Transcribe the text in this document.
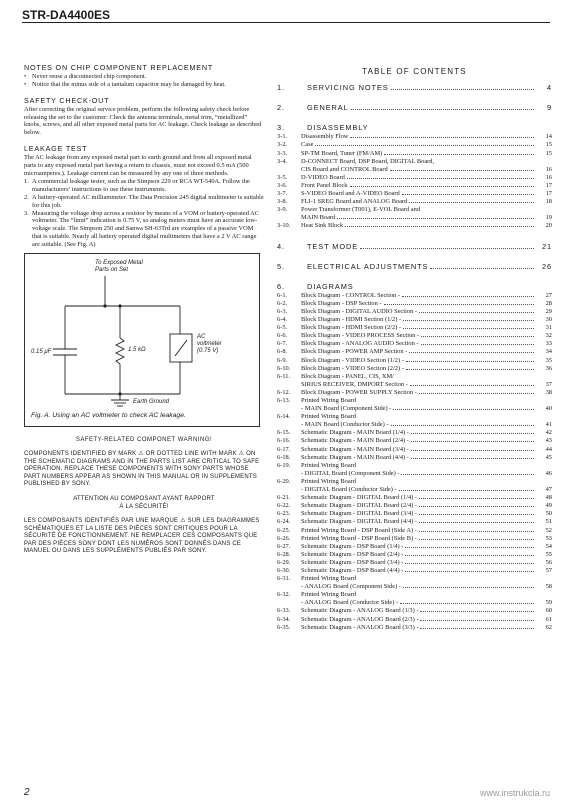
STR-DA4400ES
NOTES ON CHIP COMPONENT REPLACEMENT
• Never reuse a disconnected chip component.
• Notice that the minus side of a tantalum capacitor may be damaged by heat.
SAFETY CHECK-OUT

After correcting the original service problem, perform the following safety check before releasing the set to the customer: Check the antenna terminals, metal trim, “metallized” knobs, screws, and all other exposed metal parts for AC leakage. Check leakage as described below.

LEAKAGE TEST

The AC leakage from any exposed metal part to earth ground and from all exposed metal parts to any exposed metal part having a return to chassis, must not exceed 0.5 mA (500 microamperes.). Leakage current can be measured by any one of three methods.

1. A commercial leakage tester, such as the Simpson 229 or RCA WT-540A. Follow the manufacturers’ instructions to use these instruments.
2. A battery-operated AC milliammeter. The Data Precision 245 digital multimeter is suitable for this job.
3. Measuring the voltage drop across a resistor by means of a VOM or battery-operated AC voltmeter. The “limit” indication is 0.75 V, so analog meters must have an accurate low-voltage scale. The Simpson 250 and Sanwa SH-63Trd are examples of a passive VOM that is suitable. Nearly all battery operated digital multimeters that have a 2 V AC range are suitable. (See Fig. A)
To Exposed Metal
Parts on Set
0.15 μF	1.5 kΩ
AC
voltmeter
(0.75 V)
Earth Ground
Fig. A. Using an AC voltmeter to check AC leakage.
SAFETY-RELATED COMPONET WARNING!

COMPONENTS IDENTIFIED BY MARK ⚠ OR DOTTED LINE WITH MARK ⚠ ON THE SCHEMATIC DIAGRAMS AND IN THE PARTS LIST ARE CRITICAL TO SAFE OPERATION. REPLACE THESE COMPONENTS WITH SONY PARTS WHOSE PART NUMBERS APPEAR AS SHOWN IN THIS MANUAL OR IN SUPPLEMENTS PUBLISHED BY SONY.

ATTENTION AU COMPOSANT AYANT RAPPORT
À LA SÉCURITÉ!

LES COMPOSANTS IDENTIFIÉS PAR UNE MARQUE ⚠ SUR LES DIAGRAMMES SCHÉMATIQUES ET LA LISTE DES PIÈCES SONT CRITIQUES POUR LA SÉCURITÉ DE FONCTIONNEMENT. NE REMPLACER CES COMPOSANTS QUE PAR DES PIÈCES SONY DONT LES NUMÉROS SONT DONNÉS DANS CE MANUEL OU DANS LES SUPPLÉMENTS PUBLIÉS PAR SONY.

TABLE OF CONTENTS
1.	SERVICING NOTES	4
2.	GENERAL	9
3.	DISASSEMBLY
3-1.	Disassembly Flow	14
3-2.	Case	15
3-3.	SP-TM Board, Tuner (FM/AM)	15
3-4.	D-CONNECT Board, DSP Board, DIGITAL Board,
CIS Board and CONTROL Board	16
3-5.	D-VIDEO Board	16
3-6.	Front Panel Block	17
3-7.	S-VIDEO Board and A-VIDEO Board	17
3-8.	FLI-1 SREG Board and ANALOG Board	18
3-9.	Power Transformer (T001), E-VOL Board and
MAIN Board	19
3-10.	Heat Sink Block	20
4.	TEST MODE	21
5.	ELECTRICAL ADJUSTMENTS	26
6.	DIAGRAMS
6-1.	Block Diagram - CONTROL Section -	27
6-2.	Block Diagram - DSP Section -	28
6-3.	Block Diagram - DIGITAL AUDIO Section -	29
6-4.	Block Diagram - HDMI Section (1/2) -	30
6-5.	Block Diagram - HDMI Section (2/2) -	31
6-6.	Block Diagram - VIDEO PROCESS Section -	32
6-7.	Block Diagram - ANALOG AUDIO Section -	33
6-8.	Block Diagram - POWER AMP Section -	34
6-9.	Block Diagram - VIDEO Section (1/2) -	35
6-10.	Block Diagram - VIDEO Section (2/2) -	36
6-11.	Block Diagram - PANEL, CIS, XM/
SIRIUS RECEIVER, DMPORT Section -	37
6-12.	Block Diagram - POWER SUPPLY Section -	38
6-13.	Printed Wiring Board
- MAIN Board (Component Side) -	40
6-14.	Printed Wiring Board
- MAIN Board (Conductor Side) -	41
6-15.	Schematic Diagram - MAIN Board (1/4) -	42
6-16.	Schematic Diagram - MAIN Board (2/4) -	43
6-17.	Schematic Diagram - MAIN Board (3/4) -	44
6-18.	Schematic Diagram - MAIN Board (4/4) -	45
6-19.	Printed Wiring Board
- DIGITAL Board (Component Side) -	46
6-20.	Printed Wiring Board
- DIGITAL Board (Conductor Side) -	47
6-21.	Schematic Diagram - DIGITAL Board (1/4) -	48
6-22.	Schematic Diagram - DIGITAL Board (2/4) -	49
6-23.	Schematic Diagram - DIGITAL Board (3/4) -	50
6-24.	Schematic Diagram - DIGITAL Board (4/4) -	51
6-25.	Printed Wiring Board - DSP Board (Side A) -	52
6-26.	Printed Wiring Board - DSP Board (Side B) -	53
6-27.	Schematic Diagram - DSP Board (1/4) -	54
6-28.	Schematic Diagram - DSP Board (2/4) -	55
6-29.	Schematic Diagram - DSP Board (3/4) -	56
6-30.	Schematic Diagram - DSP Board (4/4) -	57
6-31.	Printed Wiring Board
- ANALOG Board (Component Side) -	58
6-32.	Printed Wiring Board
- ANALOG Board (Conductor Side) -	59
6-33.	Schematic Diagram - ANALOG Board (1/3) -	60
6-34.	Schematic Diagram - ANALOG Board (2/3) -	61
6-35.	Schematic Diagram - ANALOG Board (3/3) -	62
2	www.instrukcia.ru
